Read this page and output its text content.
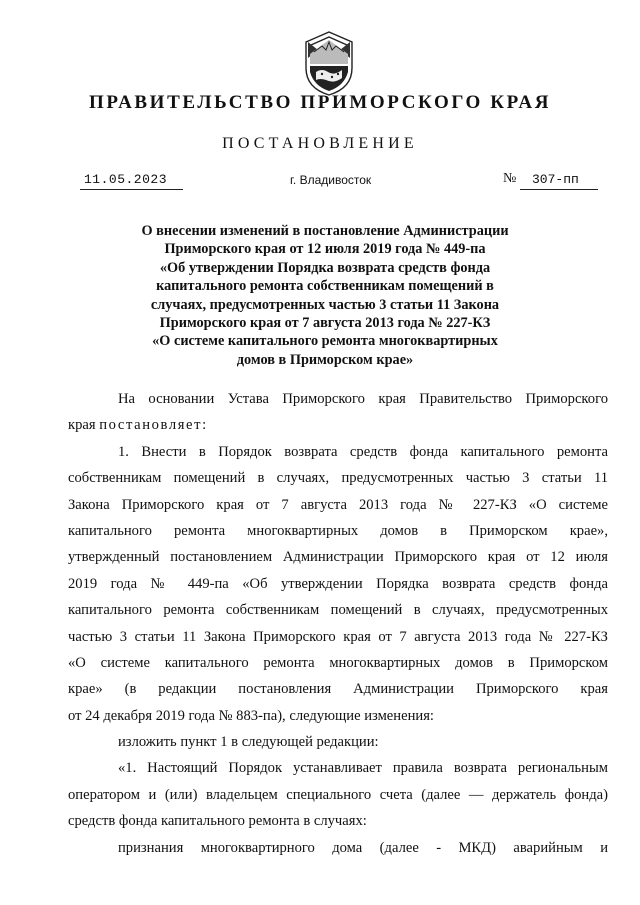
ПРАВИТЕЛЬСТВО ПРИМОРСКОГО КРАЯ
ПОСТАНОВЛЕНИЕ
11.05.2023	г. Владивосток	№ 307-пп
О внесении изменений в постановление Администрации
Приморского края от 12 июля 2019 года № 449-па
«Об утверждении Порядка возврата средств фонда
капитального ремонта собственникам помещений в
случаях, предусмотренных частью 3 статьи 11 Закона
Приморского края от 7 августа 2013 года № 227-КЗ
«О системе капитального ремонта многоквартирных
домов в Приморском крае»
На основании Устава Приморского края Правительство Приморского
края постановляет:
1. Внести в Порядок возврата средств фонда капитального ремонта
собственникам помещений в случаях, предусмотренных частью 3 статьи 11
Закона Приморского края от 7 августа 2013 года № 227-КЗ «О системе
капитального ремонта многоквартирных домов в Приморском крае»,
утвержденный постановлением Администрации Приморского края от 12 июля
2019 года № 449-па «Об утверждении Порядка возврата средств фонда
капитального ремонта собственникам помещений в случаях, предусмотренных
частью 3 статьи 11 Закона Приморского края от 7 августа 2013 года № 227-КЗ
«О системе капитального ремонта многоквартирных домов в Приморском
крае» (в редакции постановления Администрации Приморского края
от 24 декабря 2019 года № 883-па), следующие изменения:
изложить пункт 1 в следующей редакции:
«1. Настоящий Порядок устанавливает правила возврата региональным
оператором и (или) владельцем специального счета (далее — держатель фонда)
средств фонда капитального ремонта в случаях:
признания многоквартирного дома (далее - МКД) аварийным и
